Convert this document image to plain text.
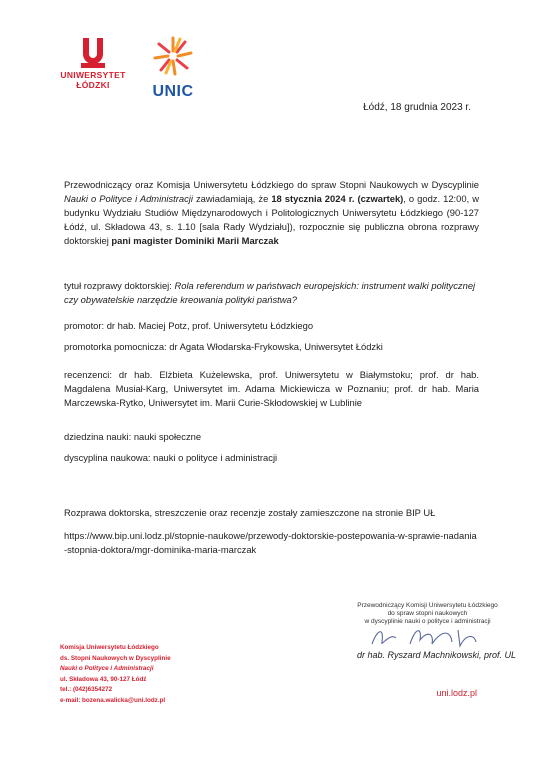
UNIWERSYTET
ŁÓDZKI	UNIC
Łódź, 18 grudnia 2023 r.
Przewodniczący oraz Komisja Uniwersytetu Łódzkiego do spraw Stopni Naukowych w Dyscyplinie Nauki o Polityce i Administracji zawiadamiają, że 18 stycznia 2024 r. (czwartek), o godz. 12:00, w budynku Wydziału Studiów Międzynarodowych i Politologicznych Uniwersytetu Łódzkiego (90-127 Łódź, ul. Składowa 43, s. 1.10 [sala Rady Wydziału]), rozpocznie się publiczna obrona rozprawy doktorskiej pani magister Dominiki Marii Marczak
tytuł rozprawy doktorskiej: Rola referendum w państwach europejskich: instrument walki politycznej czy obywatelskie narzędzie kreowania polityki państwa?
promotor: dr hab. Maciej Potz, prof. Uniwersytetu Łódzkiego
promotorka pomocnicza: dr Agata Włodarska-Frykowska, Uniwersytet Łódzki
recenzenci: dr hab. Elżbieta Kużelewska, prof. Uniwersytetu w Białymstoku; prof. dr hab. Magdalena Musiał-Karg, Uniwersytet im. Adama Mickiewicza w Poznaniu; prof. dr hab. Maria Marczewska-Rytko, Uniwersytet im. Marii Curie-Skłodowskiej w Lublinie
dziedzina nauki: nauki społeczne
dyscyplina naukowa: nauki o polityce i administracji
Rozprawa doktorska, streszczenie oraz recenzje zostały zamieszczone na stronie BIP UŁ
https://www.bip.uni.lodz.pl/stopnie-naukowe/przewody-doktorskie-postepowania-w-sprawie-nadania-stopnia-doktora/mgr-dominika-maria-marczak
Przewodniczący Komisji Uniwersytetu Łódzkiego
do spraw stopni naukowych
w dyscyplinie nauki o polityce i administracji
dr hab. Ryszard Machnikowski, prof. UL
Komisja Uniwersytetu Łódzkiego
ds. Stopni Naukowych w Dyscyplinie
Nauki o Polityce i Administracji
ul. Składowa 43, 90-127 Łódź
tel.: (042)6354272
e-mail: bozena.walicka@uni.lodz.pl
uni.lodz.pl
